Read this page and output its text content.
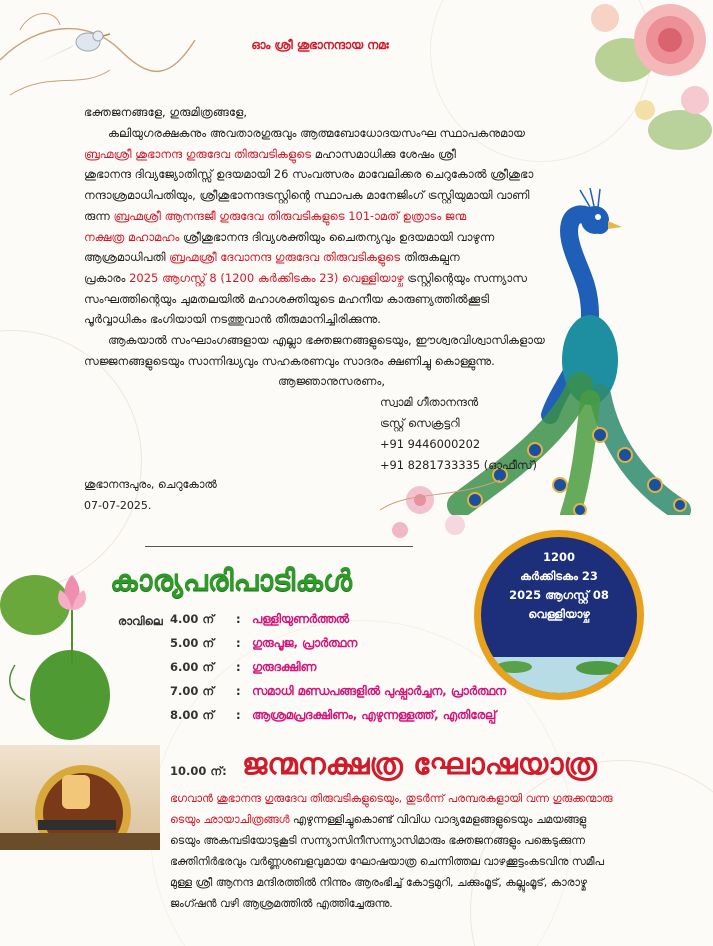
ഓം ശ്രീ ശുഭാനന്ദായ നമഃ
ഭക്തജനങ്ങളേ, ഗുരുമിത്രങ്ങളേ,
കലിയുഗരക്ഷകനും അവതാരഗുരുവും ആത്മബോധോദയസംഘ സ്ഥാപകനുമായ
ബ്രഹ്മശ്രീ ശുഭാനന്ദ ഗുരുദേവ തിരുവടികളുടെ മഹാസമാധിക്കു ശേഷം ശ്രീ
ശുഭാനന്ദ ദിവ്യജ്യോതിസ്സ് ഉദയമായി 26 സംവത്സരം മാവേലിക്കര ചെറുകോൽ ശ്രീശുഭാ
നന്ദാശ്രമാധിപതിയും, ശ്രീശുഭാനന്ദട്രസ്റ്റിന്റെ സ്ഥാപക മാനേജിംഗ് ട്രസ്റ്റിയുമായി വാണി
രുന്ന ബ്രഹ്മശ്രീ ആനന്ദജീ ഗുരുദേവ തിരുവടികളുടെ 101-ാമത് ഉത്രാടം ജന്മ
നക്ഷത്ര മഹാമഹം ശ്രീശുഭാനന്ദ ദിവ്യശക്തിയും ചൈതന്യവും ഉദയമായി വാഴുന്ന
ആശ്രമാധിപതി ബ്രഹ്മശ്രീ ദേവാനന്ദ ഗുരുദേവ തിരുവടികളുടെ തിരുകല്പന
പ്രകാരം 2025 ആഗസ്റ്റ് 8 (1200 കർക്കിടകം 23) വെള്ളിയാഴ്ച ട്രസ്റ്റിന്റെയും സന്ന്യാസ
സംഘത്തിന്റെയും ചുമതലയിൽ മഹാശക്തിയുടെ മഹനീയ കാരുണ്യത്തിൽക്കൂടി
പൂർവ്വാധികം ഭംഗിയായി നടത്തുവാൻ തീരുമാനിച്ചിരിക്കുന്നു.
ആകയാൽ സംഘാംഗങ്ങളായ എല്ലാ ഭക്തജനങ്ങളുടെയും, ഈശ്വരവിശ്വാസികളായ
സജ്ജനങ്ങളുടെയും സാന്നിദ്ധ്യവും സഹകരണവും സാദരം ക്ഷണിച്ചു കൊള്ളുന്നു.
ആജ്ഞാനുസരണം,
സ്വാമി ഗീതാനന്ദൻ
ട്രസ്റ്റ് സെക്രട്ടറി
+91 9446000202
+91 8281733335 (ഓഫീസ്)
ശുഭാനന്ദപുരം, ചെറുകോൽ
07-07-2025.
1200
കർക്കിടകം 23
2025 ആഗസ്റ്റ് 08
വെള്ളിയാഴ്ച
കാര്യപരിപാടികൾ
രാവിലെ 4.00 ന്	: പള്ളിയുണർത്തൽ
5.00 ന്	: ഗുരുപൂജ, പ്രാർത്ഥന
6.00 ന്	: ഗുരുദക്ഷിണ
7.00 ന്	: സമാധി മണ്ഡപങ്ങളിൽ പുഷ്പാർച്ചന, പ്രാർത്ഥന
8.00 ന്	: ആശ്രമപ്രദക്ഷിണം, എഴുന്നള്ളത്ത്, എതിരേല്പ്
10.00 ന്: ജന്മനക്ഷത്ര ഘോഷയാത്ര
ഭഗവാൻ ശുഭാനന്ദ ഗുരുദേവ തിരുവടികളുടെയും, തുടർന്ന് പരമ്പരകളായി വന്ന ഗുരുക്കന്മാരു
ടെയും ഛായാചിത്രങ്ങൾ എഴുന്നള്ളിച്ചുകൊണ്ട് വിവിധ വാദ്യമേളങ്ങളുടെയും ചമയങ്ങളു
ടെയും അകമ്പടിയോടുകൂടി സന്ന്യാസിനീസന്ന്യാസിമാരും ഭക്തജനങ്ങളും പങ്കെടുക്കുന്ന
ഭക്തിനിർഭരവും വർണ്ണശബളവുമായ ഘോഷയാത്ര ചെന്നിത്തല വാഴക്കൂട്ടംകടവിനു സമീപ
മുള്ള ശ്രീ ആനന്ദ മന്ദിരത്തിൽ നിന്നും ആരംഭിച്ച് കോട്ടമുറി, ചക്കുംമൂട്, കല്ലുംമൂട്, കാരാഴ്മ
ജംഗ്ഷൻ വഴി ആശ്രമത്തിൽ എത്തിച്ചേരുന്നു.
